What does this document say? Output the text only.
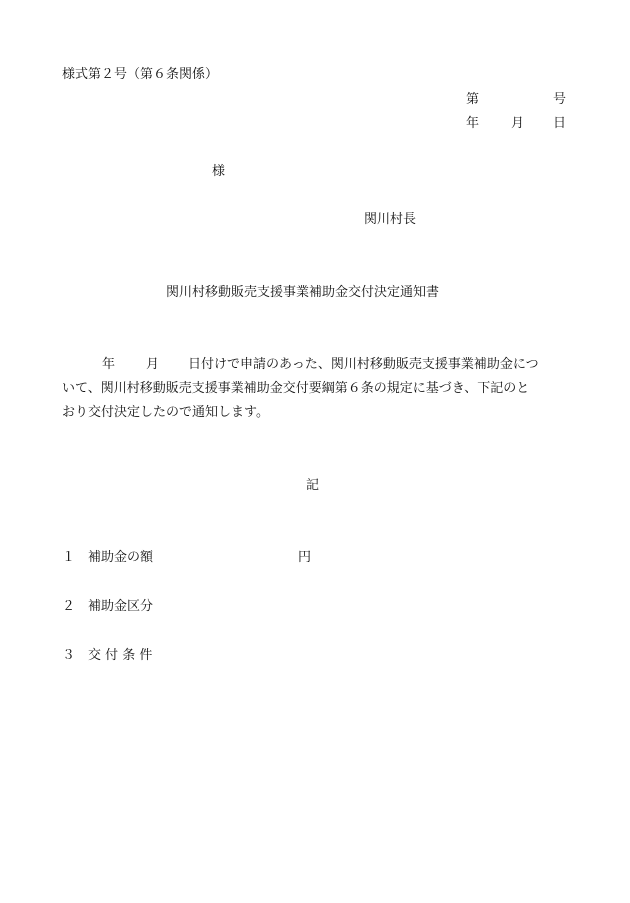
様式第２号（第６条関係）
第	号
年 月 日
様
関川村長
関川村移動販売支援事業補助金交付決定通知書
年 月 日付けで申請のあった、関川村移動販売支援事業補助金につ
いて、関川村移動販売支援事業補助金交付要綱第６条の規定に基づき、下記のと
おり交付決定したので通知します。
記
１ 補助金の額	円
２ 補助金区分
３ 交 付 条 件
